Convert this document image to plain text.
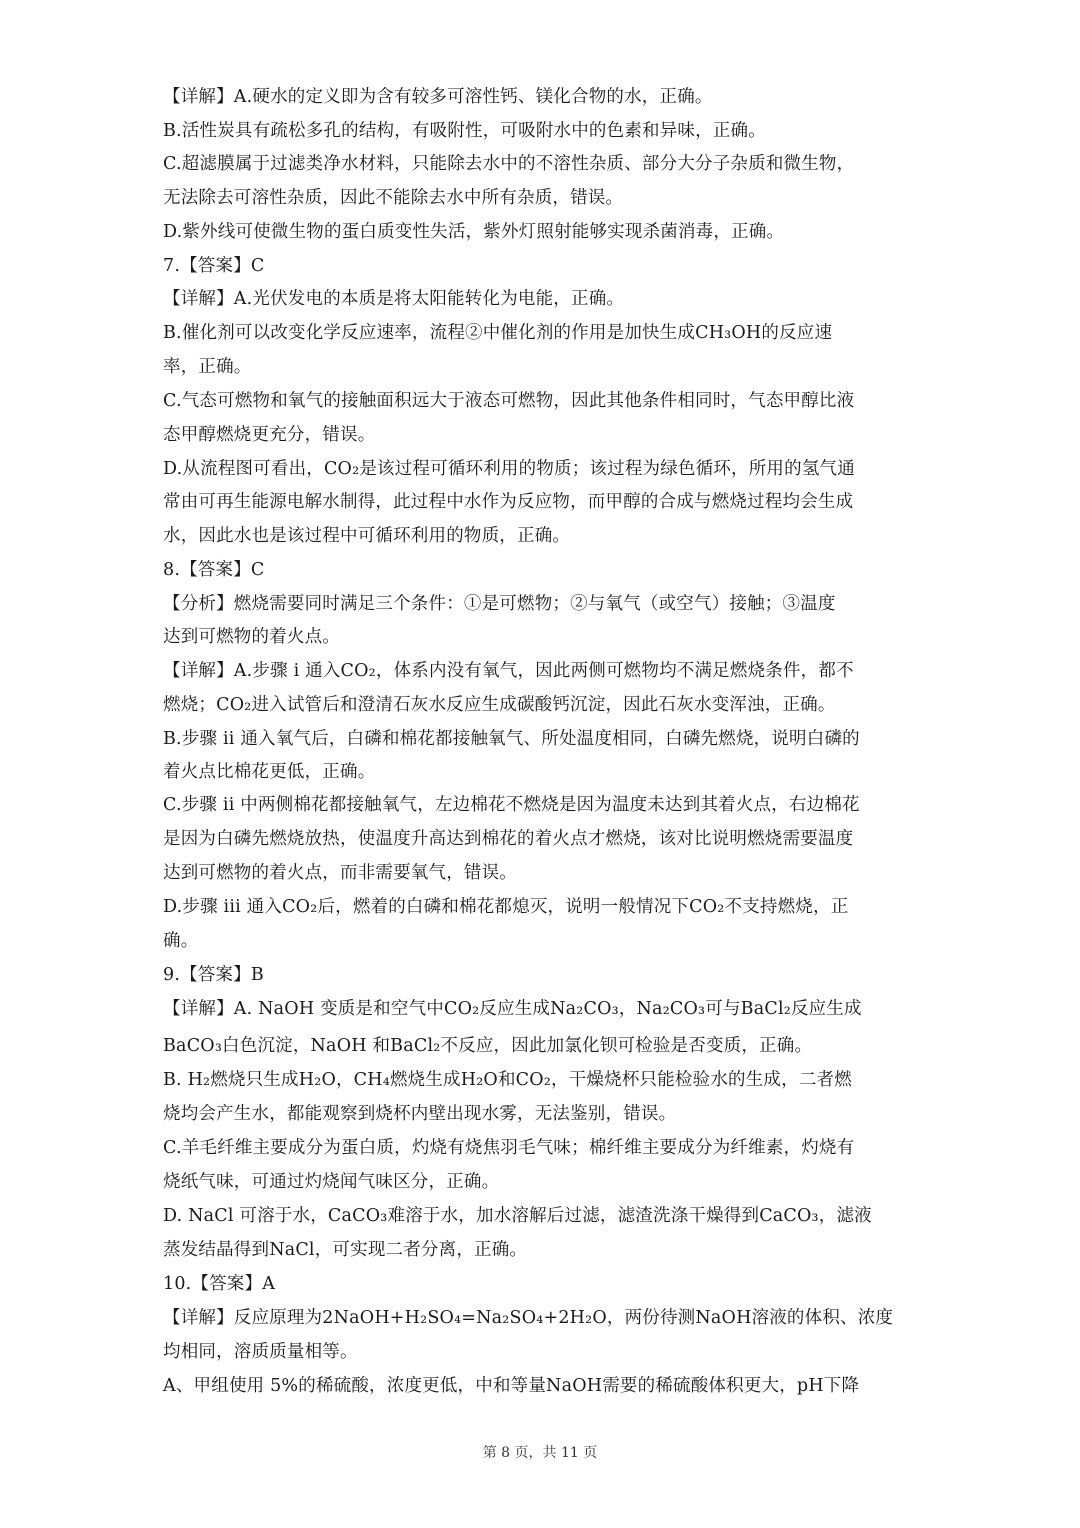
【详解】A.硬水的定义即为含有较多可溶性钙、镁化合物的水，正确。
B.活性炭具有疏松多孔的结构，有吸附性，可吸附水中的色素和异味，正确。
C.超滤膜属于过滤类净水材料，只能除去水中的不溶性杂质、部分大分子杂质和微生物，
无法除去可溶性杂质，因此不能除去水中所有杂质，错误。
D.紫外线可使微生物的蛋白质变性失活，紫外灯照射能够实现杀菌消毒，正确。
7.【答案】C
【详解】A.光伏发电的本质是将太阳能转化为电能，正确。
B.催化剂可以改变化学反应速率，流程②中催化剂的作用是加快生成CH₃OH的反应速
率，正确。
C.气态可燃物和氧气的接触面积远大于液态可燃物，因此其他条件相同时，气态甲醇比液
态甲醇燃烧更充分，错误。
D.从流程图可看出，CO₂是该过程可循环利用的物质；该过程为绿色循环，所用的氢气通
常由可再生能源电解水制得，此过程中水作为反应物，而甲醇的合成与燃烧过程均会生成
水，因此水也是该过程中可循环利用的物质，正确。
8.【答案】C
【分析】燃烧需要同时满足三个条件：①是可燃物；②与氧气（或空气）接触；③温度
达到可燃物的着火点。
【详解】A.步骤 i 通入CO₂，体系内没有氧气，因此两侧可燃物均不满足燃烧条件，都不
燃烧；CO₂进入试管后和澄清石灰水反应生成碳酸钙沉淀，因此石灰水变浑浊，正确。
B.步骤 ii 通入氧气后，白磷和棉花都接触氧气、所处温度相同，白磷先燃烧，说明白磷的
着火点比棉花更低，正确。
C.步骤 ii 中两侧棉花都接触氧气，左边棉花不燃烧是因为温度未达到其着火点，右边棉花
是因为白磷先燃烧放热，使温度升高达到棉花的着火点才燃烧，该对比说明燃烧需要温度
达到可燃物的着火点，而非需要氧气，错误。
D.步骤 iii 通入CO₂后，燃着的白磷和棉花都熄灭，说明一般情况下CO₂不支持燃烧，正
确。
9.【答案】B
【详解】A. NaOH 变质是和空气中CO₂反应生成Na₂CO₃，Na₂CO₃可与BaCl₂反应生成
BaCO₃白色沉淀，NaOH 和BaCl₂不反应，因此加氯化钡可检验是否变质，正确。
B. H₂燃烧只生成H₂O，CH₄燃烧生成H₂O和CO₂，干燥烧杯只能检验水的生成，二者燃
烧均会产生水，都能观察到烧杯内壁出现水雾，无法鉴别，错误。
C.羊毛纤维主要成分为蛋白质，灼烧有烧焦羽毛气味；棉纤维主要成分为纤维素，灼烧有
烧纸气味，可通过灼烧闻气味区分，正确。
D. NaCl 可溶于水，CaCO₃难溶于水，加水溶解后过滤，滤渣洗涤干燥得到CaCO₃，滤液
蒸发结晶得到NaCl，可实现二者分离，正确。
10.【答案】A
【详解】反应原理为2NaOH+H₂SO₄=Na₂SO₄+2H₂O，两份待测NaOH溶液的体积、浓度
均相同，溶质质量相等。
A、甲组使用 5%的稀硫酸，浓度更低，中和等量NaOH需要的稀硫酸体积更大，pH下降
第 8 页，共 11 页
